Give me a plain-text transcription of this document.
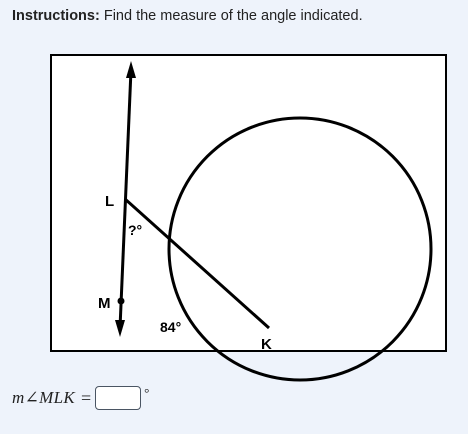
Instructions: Find the measure of the angle indicated.
L
M
K
?°
84°
m∠MLK =	°
